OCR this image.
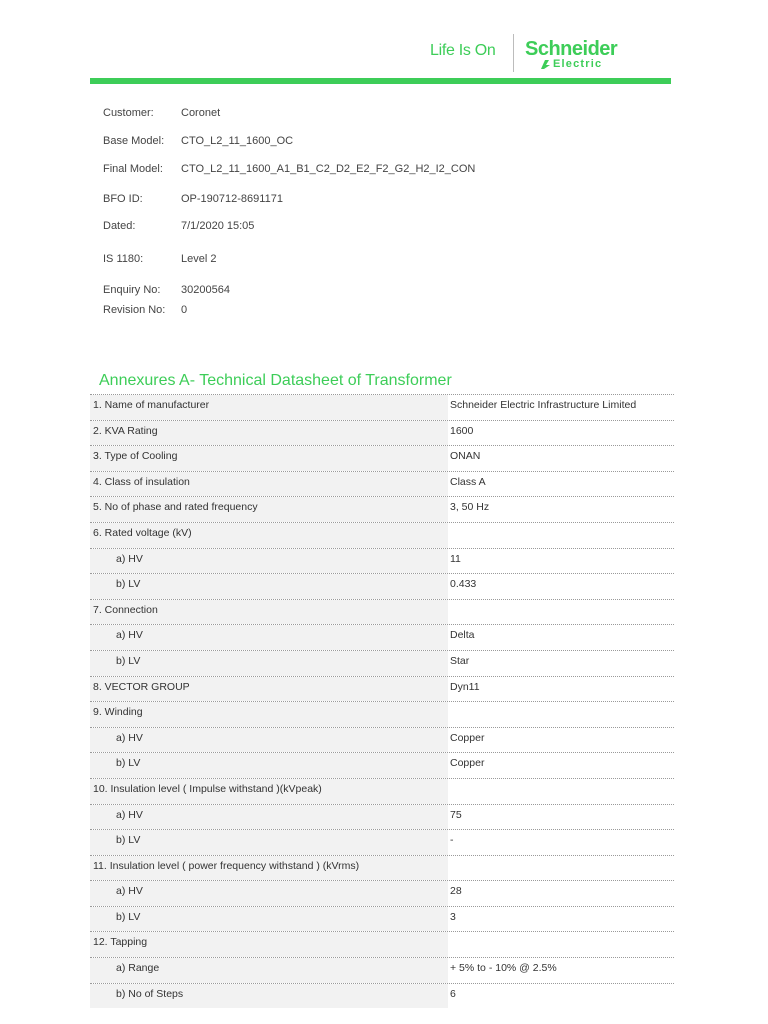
Life Is On Schneider
Electric
Customer: Coronet
Base Model: CTO_L2_11_1600_OC
Final Model: CTO_L2_11_1600_A1_B1_C2_D2_E2_F2_G2_H2_I2_CON
BFO ID:	OP-190712-8691171
Dated:	7/1/2020 15:05
IS 1180:	Level 2
Enquiry No: 30200564
Revision No: 0
Annexures A- Technical Datasheet of Transformer
1. Name of manufacturer	Schneider Electric Infrastructure Limited
2. KVA Rating	1600
3. Type of Cooling	ONAN
4. Class of insulation	Class A
5. No of phase and rated frequency	3, 50 Hz
6. Rated voltage (kV)
a) HV	11
b) LV	0.433
7. Connection
a) HV	Delta
b) LV	Star
8. VECTOR GROUP	Dyn11
9. Winding
a) HV	Copper
b) LV	Copper
10. Insulation level ( Impulse withstand )(kVpeak)
a) HV	75
b) LV	-
11. Insulation level ( power frequency withstand ) (kVrms)
a) HV	28
b) LV	3
12. Tapping
a) Range	+ 5% to - 10% @ 2.5%
b) No of Steps	6
